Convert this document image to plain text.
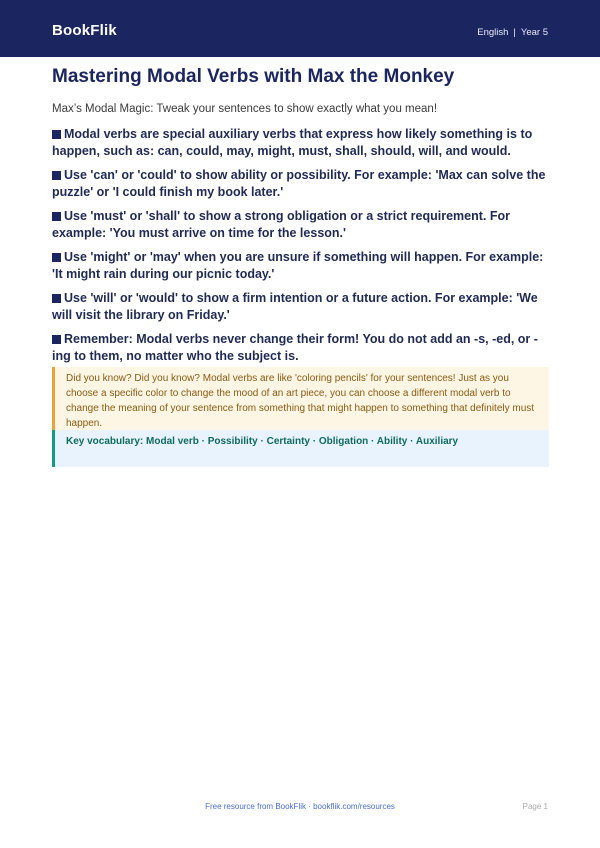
BookFlik	English | Year 5
Mastering Modal Verbs with Max the Monkey
Max’s Modal Magic: Tweak your sentences to show exactly what you mean!
Modal verbs are special auxiliary verbs that express how likely something is to happen, such as: can, could, may, might, must, shall, should, will, and would.
Use 'can' or 'could' to show ability or possibility. For example: 'Max can solve the puzzle' or 'I could finish my book later.'
Use 'must' or 'shall' to show a strong obligation or a strict requirement. For example: 'You must arrive on time for the lesson.'
Use 'might' or 'may' when you are unsure if something will happen. For example: 'It might rain during our picnic today.'
Use 'will' or 'would' to show a firm intention or a future action. For example: 'We will visit the library on Friday.'
Remember: Modal verbs never change their form! You do not add an -s, -ed, or -ing to them, no matter who the subject is.
Did you know? Did you know? Modal verbs are like 'coloring pencils' for your sentences! Just as you choose a specific color to change the mood of an art piece, you can choose a different modal verb to change the meaning of your sentence from something that might happen to something that definitely must happen.
Key vocabulary: Modal verb · Possibility · Certainty · Obligation · Ability · Auxiliary
Free resource from BookFlik · bookflik.com/resources	Page 1
